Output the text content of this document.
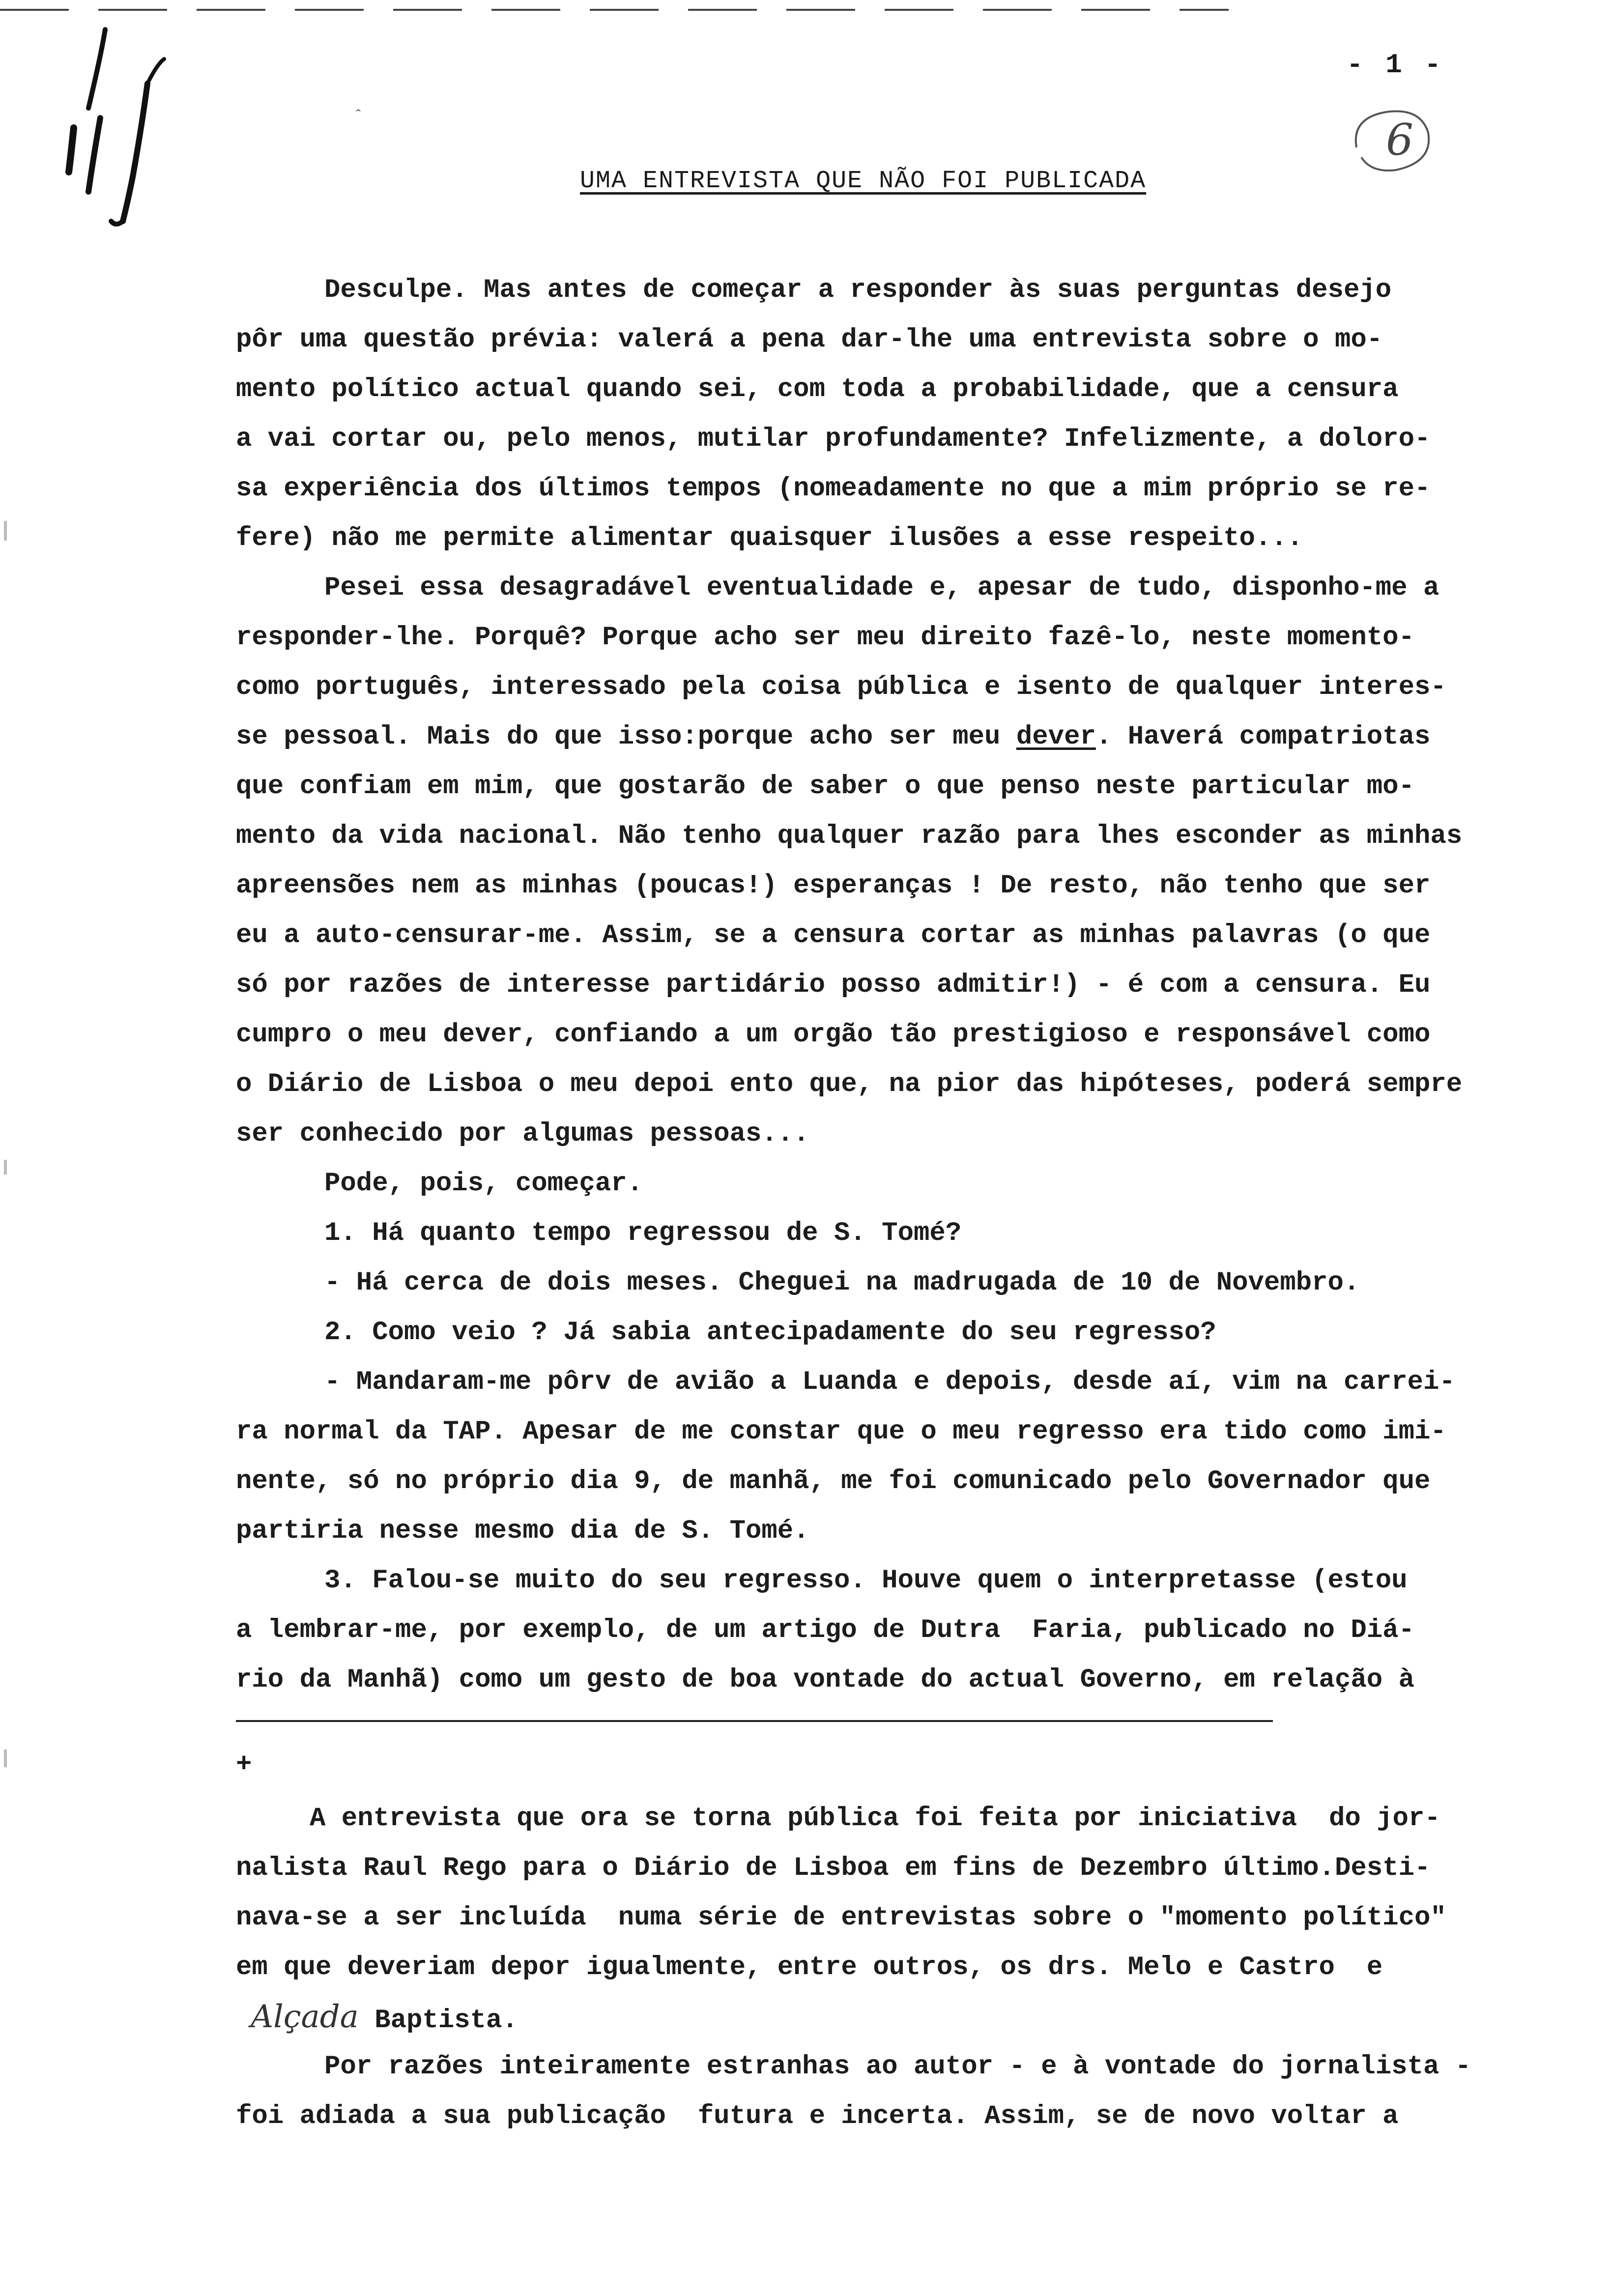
ˆ
- 1 -
6
UMA ENTREVISTA QUE NÃO FOI PUBLICADA
Desculpe. Mas antes de começar a responder às suas perguntas desejo
pôr uma questão prévia: valerá a pena dar-lhe uma entrevista sobre o mo-
mento político actual quando sei, com toda a probabilidade, que a censura
a vai cortar ou, pelo menos, mutilar profundamente? Infelizmente, a doloro-
sa experiência dos últimos tempos (nomeadamente no que a mim próprio se re-
fere) não me permite alimentar quaisquer ilusões a esse respeito...
Pesei essa desagradável eventualidade e, apesar de tudo, disponho-me a
responder-lhe. Porquê? Porque acho ser meu direito fazê-lo, neste momento-
como português, interessado pela coisa pública e isento de qualquer interes-
se pessoal. Mais do que isso:porque acho ser meu dever. Haverá compatriotas
que confiam em mim, que gostarão de saber o que penso neste particular mo-
mento da vida nacional. Não tenho qualquer razão para lhes esconder as minhas
apreensões nem as minhas (poucas!) esperanças ! De resto, não tenho que ser
eu a auto-censurar-me. Assim, se a censura cortar as minhas palavras (o que
só por razões de interesse partidário posso admitir!) - é com a censura. Eu
cumpro o meu dever, confiando a um orgão tão prestigioso e responsável como
o Diário de Lisboa o meu depoi ento que, na pior das hipóteses, poderá sempre
ser conhecido por algumas pessoas...
Pode, pois, começar.
1. Há quanto tempo regressou de S. Tomé?
- Há cerca de dois meses. Cheguei na madrugada de 10 de Novembro.
2. Como veio ? Já sabia antecipadamente do seu regresso?
- Mandaram-me pôrv de avião a Luanda e depois, desde aí, vim na carrei-
ra normal da TAP. Apesar de me constar que o meu regresso era tido como imi-
nente, só no próprio dia 9, de manhã, me foi comunicado pelo Governador que
partiria nesse mesmo dia de S. Tomé.
3. Falou-se muito do seu regresso. Houve quem o interpretasse (estou
a lembrar-me, por exemplo, de um artigo de Dutra  Faria, publicado no Diá-
rio da Manhã) como um gesto de boa vontade do actual Governo, em relação à
+
A entrevista que ora se torna pública foi feita por iniciativa  do jor-
nalista Raul Rego para o Diário de Lisboa em fins de Dezembro último.Desti-
nava-se a ser incluída  numa série de entrevistas sobre o "momento político"
em que deveriam depor igualmente, entre outros, os drs. Melo e Castro  e
Alçada Baptista.
Por razões inteiramente estranhas ao autor - e à vontade do jornalista -
foi adiada a sua publicação  futura e incerta. Assim, se de novo voltar a
